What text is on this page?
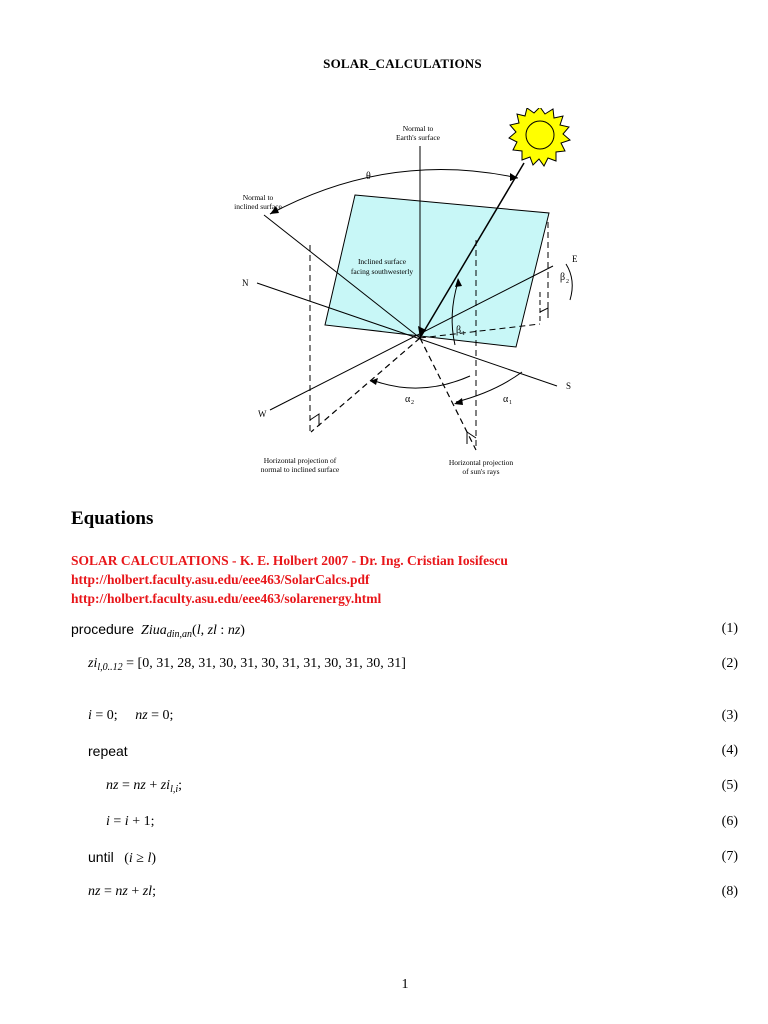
SOLAR_CALCULATIONS
Normal to
Earth's surface
θ
Normal to
inclined surface
Inclined surface
facing southwesterly
N
E
S
W
β 1
β 2
α 2	α 1
Horizontal projection of
normal to inclined surface
Horizontal projection
of sun's rays
Equations
SOLAR CALCULATIONS - K. E. Holbert 2007 - Dr. Ing. Cristian Iosifescu
http://holbert.faculty.asu.edu/eee463/SolarCalcs.pdf
http://holbert.faculty.asu.edu/eee463/solarenergy.html
procedure Ziua$_{din,an}$(l, zl : nz)	(1)
$zi_{l,0..12} = [0$, 31, 28, 31, 30, 31, 30, 31, 31, 30, 31, 30, 31]	(2)
i = 0; nz = 0;	(3)
repeat	(4)
nz = nz + $zi_{l,i}$;	(5)
i = i + 1;	(6)
until (i ≥ l)	(7)
nz = nz + zl;	(8)
1
